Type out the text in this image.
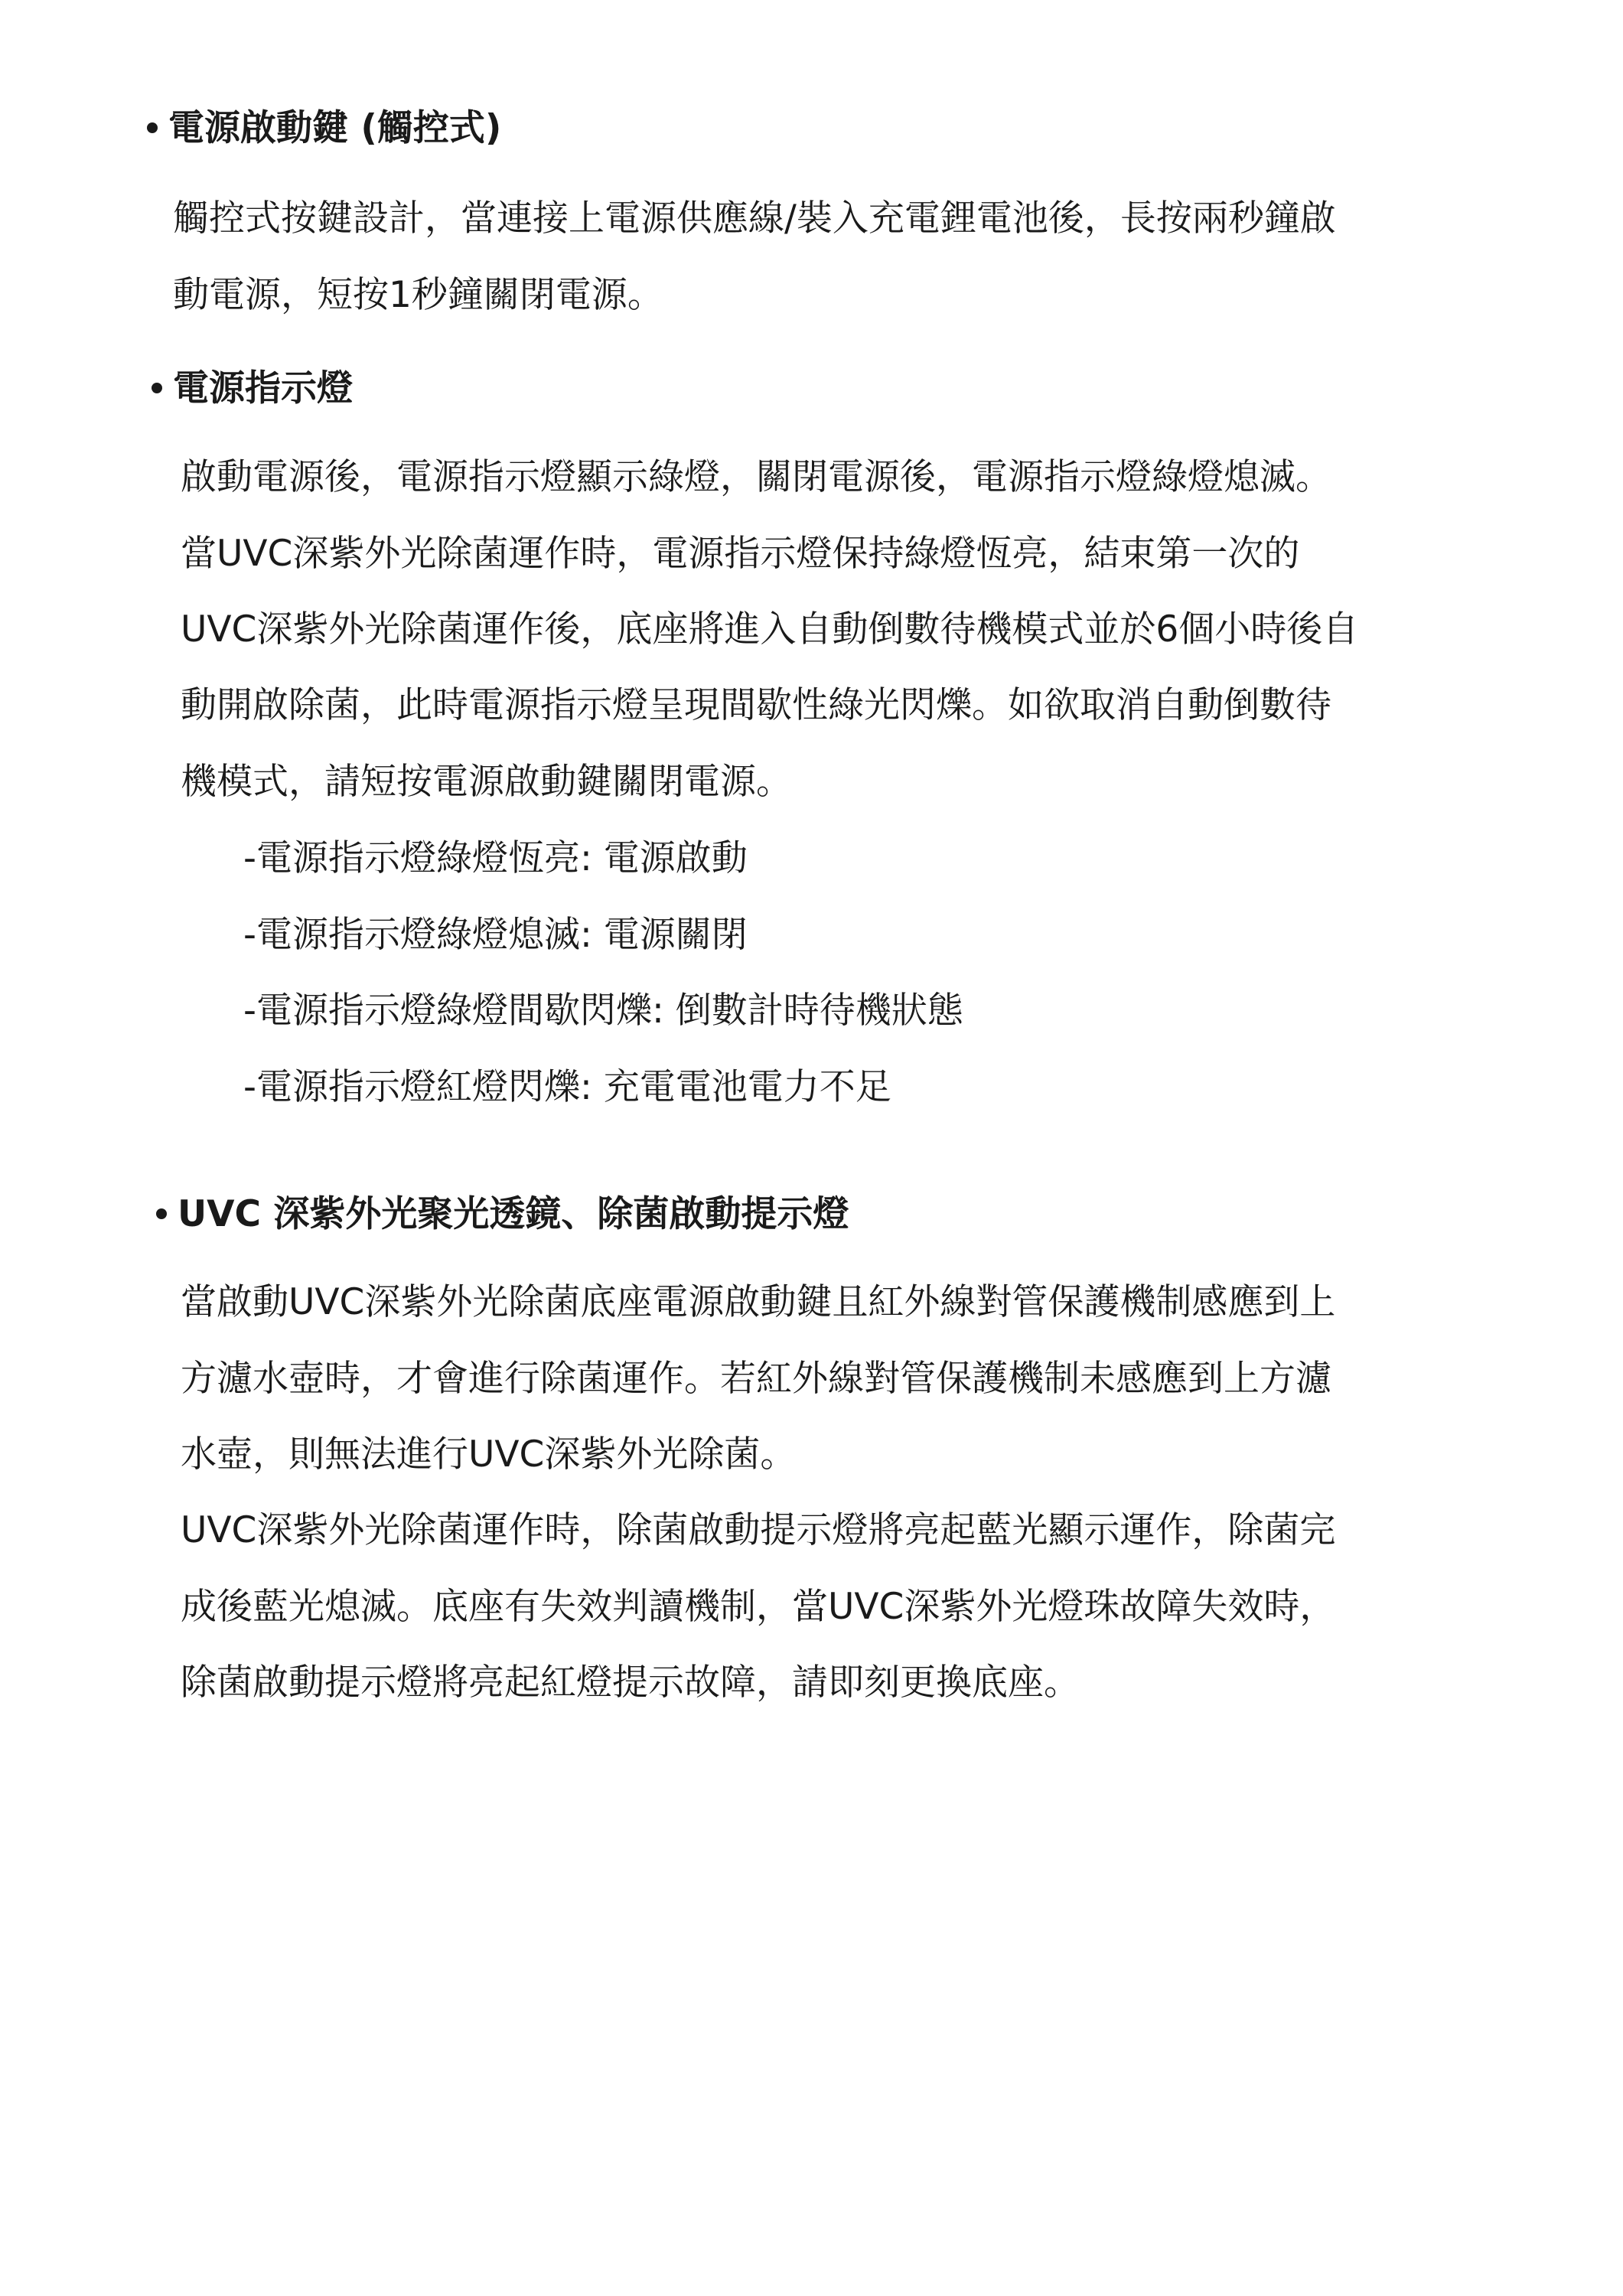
電源啟動鍵 (觸控式)
觸控式按鍵設計，當連接上電源供應線/裝入充電鋰電池後，長按兩秒鐘啟
動電源，短按1秒鐘關閉電源。
電源指示燈
啟動電源後，電源指示燈顯示綠燈，關閉電源後，電源指示燈綠燈熄滅。
當UVC深紫外光除菌運作時，電源指示燈保持綠燈恆亮，結束第一次的
UVC深紫外光除菌運作後，底座將進入自動倒數待機模式並於6個小時後自
動開啟除菌，此時電源指示燈呈現間歇性綠光閃爍。如欲取消自動倒數待
機模式，請短按電源啟動鍵關閉電源。
-電源指示燈綠燈恆亮: 電源啟動
-電源指示燈綠燈熄滅: 電源關閉
-電源指示燈綠燈間歇閃爍: 倒數計時待機狀態
-電源指示燈紅燈閃爍: 充電電池電力不足
UVC 深紫外光聚光透鏡、除菌啟動提示燈
當啟動UVC深紫外光除菌底座電源啟動鍵且紅外線對管保護機制感應到上
方濾水壺時，才會進行除菌運作。若紅外線對管保護機制未感應到上方濾
水壺，則無法進行UVC深紫外光除菌。
UVC深紫外光除菌運作時，除菌啟動提示燈將亮起藍光顯示運作，除菌完
成後藍光熄滅。底座有失效判讀機制，當UVC深紫外光燈珠故障失效時，
除菌啟動提示燈將亮起紅燈提示故障，請即刻更換底座。
